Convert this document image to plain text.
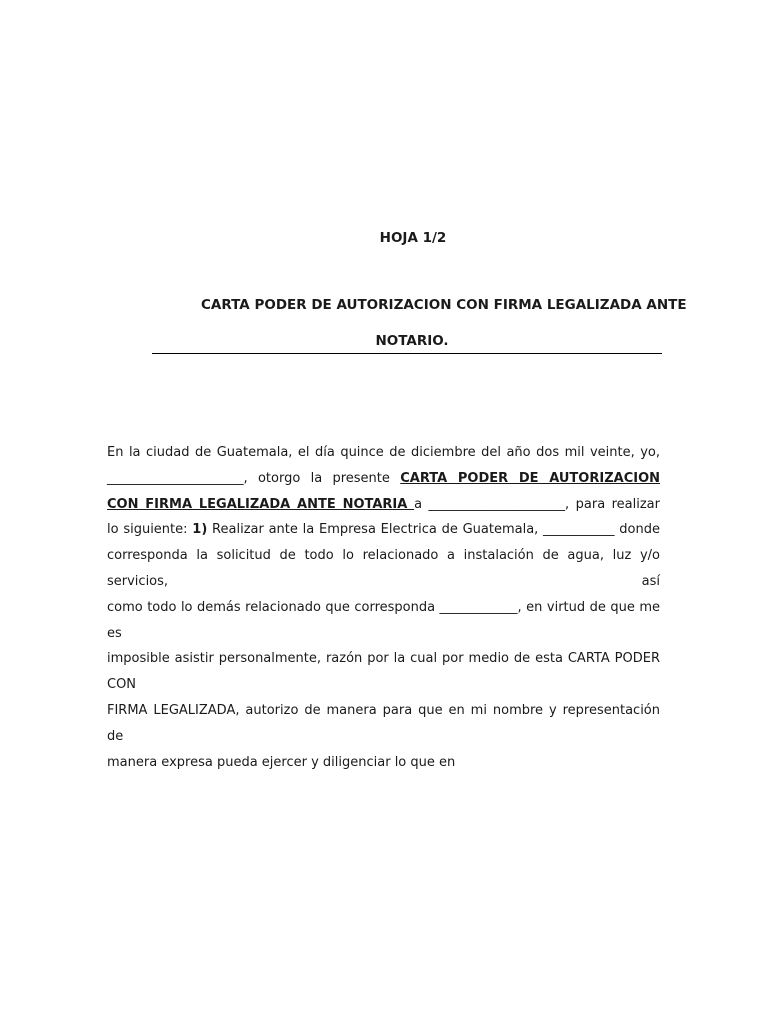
HOJA 1/2
CARTA PODER DE AUTORIZACION CON FIRMA LEGALIZADA ANTE
NOTARIO.
En la ciudad de Guatemala, el día quince de diciembre del año dos mil veinte, yo,
_____________________, otorgo la presente CARTA PODER DE AUTORIZACION
CON FIRMA LEGALIZADA ANTE NOTARIA a _____________________, para realizar
lo siguiente: 1) Realizar ante la Empresa Electrica de Guatemala, ___________ donde
corresponda la solicitud de todo lo relacionado a instalación de agua, luz y/o servicios, así
como todo lo demás relacionado que corresponda ____________, en virtud de que me es
imposible asistir personalmente, razón por la cual por medio de esta CARTA PODER CON
FIRMA LEGALIZADA, autorizo de manera para que en mi nombre y representación de
manera expresa pueda ejercer y diligenciar lo que en
